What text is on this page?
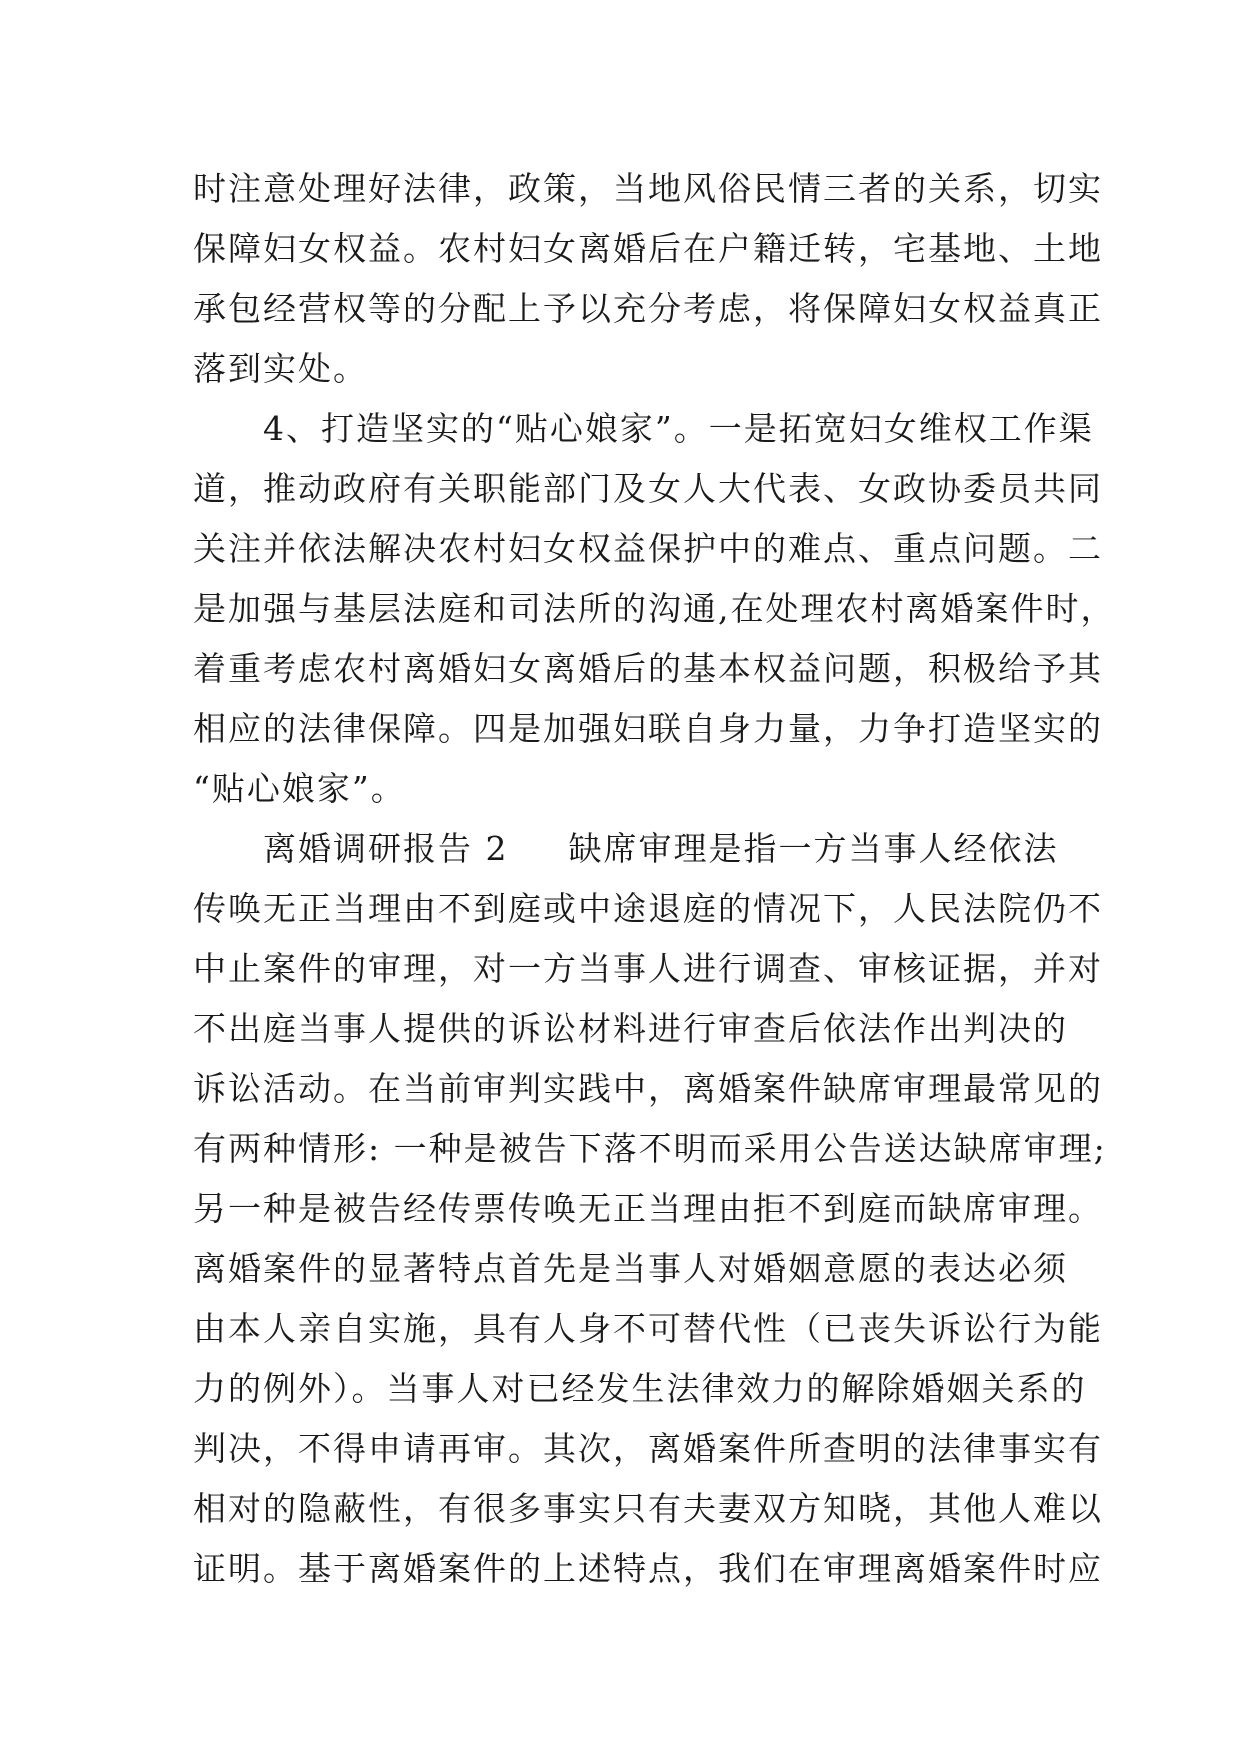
时注意处理好法律，政策，当地风俗民情三者的关系，切实
保障妇女权益。农村妇女离婚后在户籍迁转，宅基地、土地
承包经营权等的分配上予以充分考虑，将保障妇女权益真正
落到实处。
　　4、打造坚实的“贴心娘家”。一是拓宽妇女维权工作渠
道，推动政府有关职能部门及女人大代表、女政协委员共同
关注并依法解决农村妇女权益保护中的难点、重点问题。二
是加强与基层法庭和司法所的沟通,在处理农村离婚案件时，
着重考虑农村离婚妇女离婚后的基本权益问题，积极给予其
相应的法律保障。四是加强妇联自身力量，力争打造坚实的
“贴心娘家”。
　　离婚调研报告 2 缺席审理是指一方当事人经依法
传唤无正当理由不到庭或中途退庭的情况下，人民法院仍不
中止案件的审理，对一方当事人进行调查、审核证据，并对
不出庭当事人提供的诉讼材料进行审查后依法作出判决的
诉讼活动。在当前审判实践中，离婚案件缺席审理最常见的
有两种情形: 一种是被告下落不明而采用公告送达缺席审理;
另一种是被告经传票传唤无正当理由拒不到庭而缺席审理。
离婚案件的显著特点首先是当事人对婚姻意愿的表达必须
由本人亲自实施，具有人身不可替代性（已丧失诉讼行为能
力的例外）。当事人对已经发生法律效力的解除婚姻关系的
判决，不得申请再审。其次，离婚案件所查明的法律事实有
相对的隐蔽性，有很多事实只有夫妻双方知晓，其他人难以
证明。基于离婚案件的上述特点，我们在审理离婚案件时应
